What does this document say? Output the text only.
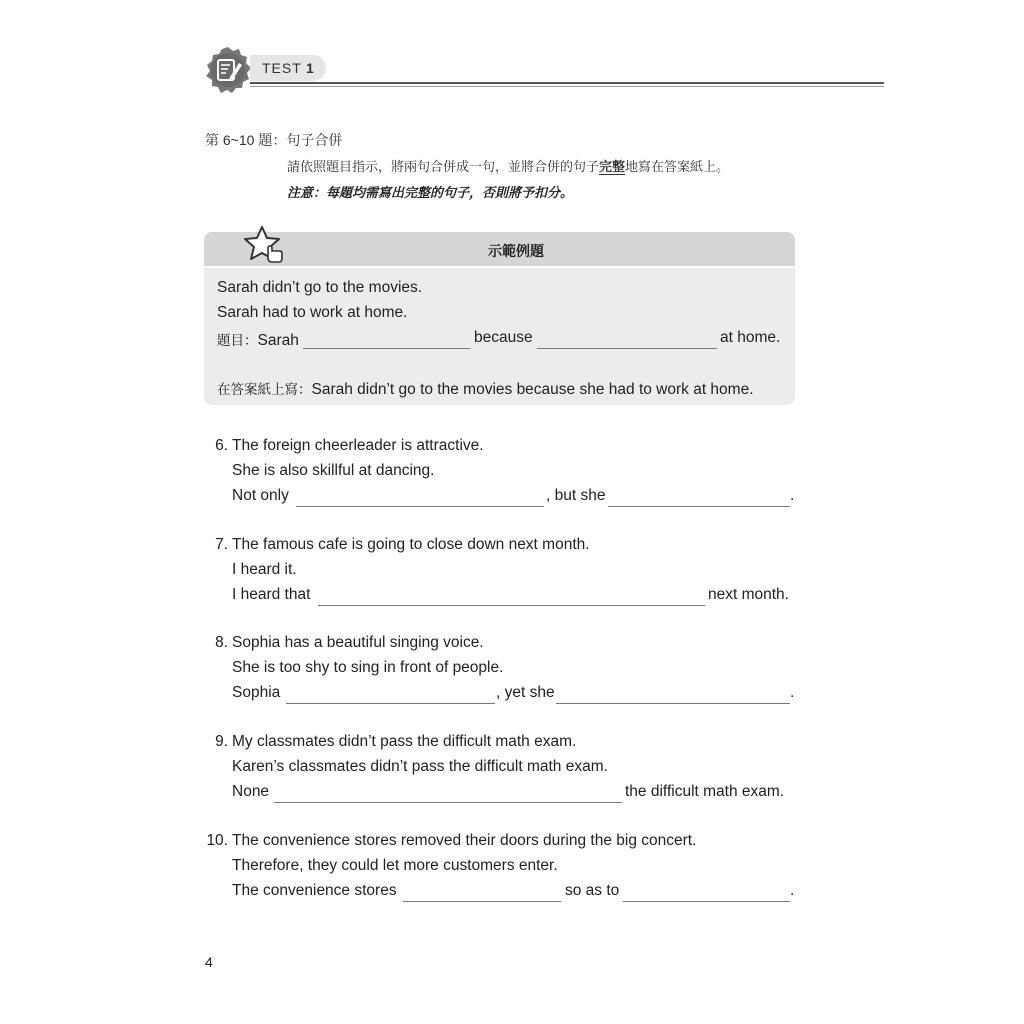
TEST 1
第 6~10 題：句子合併
請依照題目指示，將兩句合併成一句，並將合併的句子完整地寫在答案紙上。
注意：每題均需寫出完整的句子，否則將予扣分。
示範例題
Sarah didn’t go to the movies.
Sarah had to work at home.
題目：Sarah	because	at home.
在答案紙上寫：Sarah didn’t go to the movies because she had to work at home.
6. The foreign cheerleader is attractive.
She is also skillful at dancing.
Not only	, but she	.
7. The famous cafe is going to close down next month.
I heard it.
I heard that	next month.
8. Sophia has a beautiful singing voice.
She is too shy to sing in front of people.
Sophia	, yet she	.
9. My classmates didn’t pass the difficult math exam.
Karen’s classmates didn’t pass the difficult math exam.
None	the difficult math exam.
10. The convenience stores removed their doors during the big concert.
Therefore, they could let more customers enter.
The convenience stores	so as to	.
4
